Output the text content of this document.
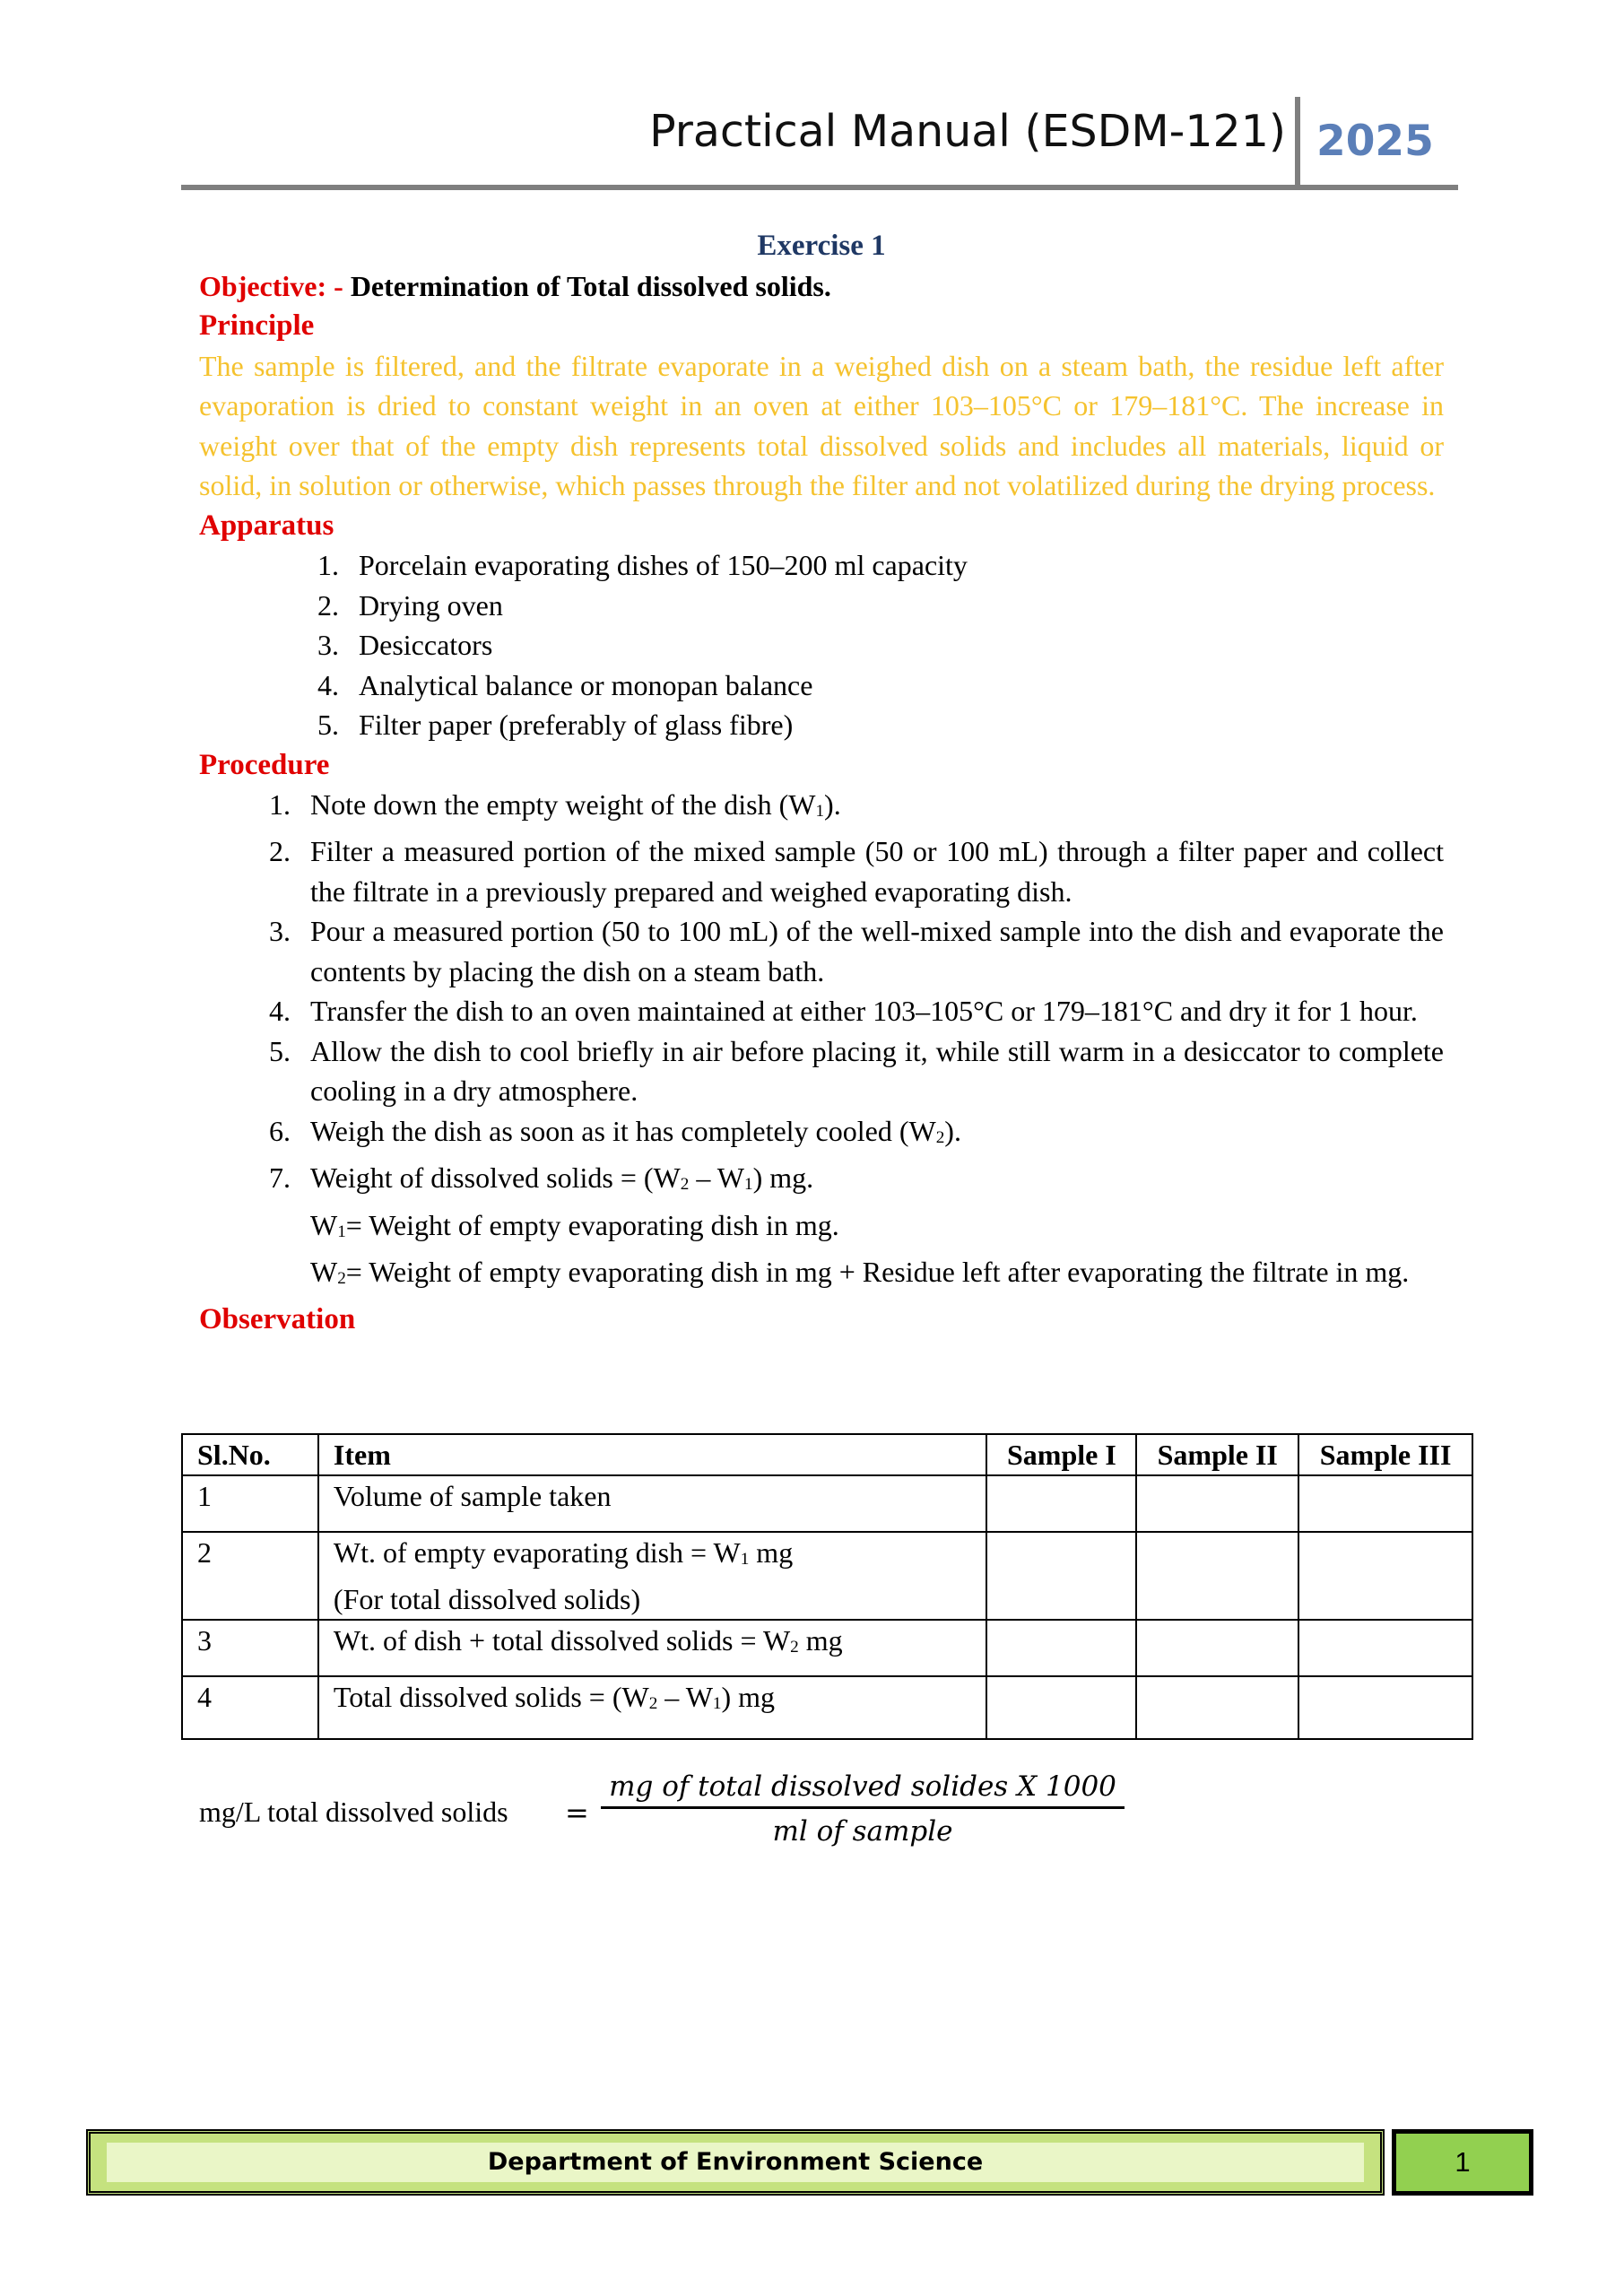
Practical Manual (ESDM-121) 2025
Exercise 1
Objective: - Determination of Total dissolved solids.
Principle
The sample is filtered, and the filtrate evaporate in a weighed dish on a steam bath, the residue left after evaporation is dried to constant weight in an oven at either 103–105°C or 179–181°C. The increase in weight over that of the empty dish represents total dissolved solids and includes all materials, liquid or solid, in solution or otherwise, which passes through the filter and not volatilized during the drying process.
Apparatus
1. Porcelain evaporating dishes of 150–200 ml capacity
2. Drying oven
3. Desiccators
4. Analytical balance or monopan balance
5. Filter paper (preferably of glass fibre)
Procedure
1. Note down the empty weight of the dish (W1).
2. Filter a measured portion of the mixed sample (50 or 100 mL) through a filter paper and collect the filtrate in a previously prepared and weighed evaporating dish.
3. Pour a measured portion (50 to 100 mL) of the well-mixed sample into the dish and evaporate the contents by placing the dish on a steam bath.
4. Transfer the dish to an oven maintained at either 103–105°C or 179–181°C and dry it for 1 hour.
5. Allow the dish to cool briefly in air before placing it, while still warm in a desiccator to complete cooling in a dry atmosphere.
6. Weigh the dish as soon as it has completely cooled (W2).
7. Weight of dissolved solids = (W2 – W1) mg.
W1= Weight of empty evaporating dish in mg.
W2= Weight of empty evaporating dish in mg + Residue left after evaporating the filtrate in mg.
Observation
Sl.No.	Item	Sample I	Sample II	Sample III
1	Volume of sample taken			
2	Wt. of empty evaporating dish = W1 mg
(For total dissolved solids)			
3	Wt. of dish + total dissolved solids = W2 mg			
4	Total dissolved solids = (W2 – W1) mg			
mg/L total dissolved solids =
mg of total dissolved solides X 1000
ml of sample
Department of Environment Science	1
